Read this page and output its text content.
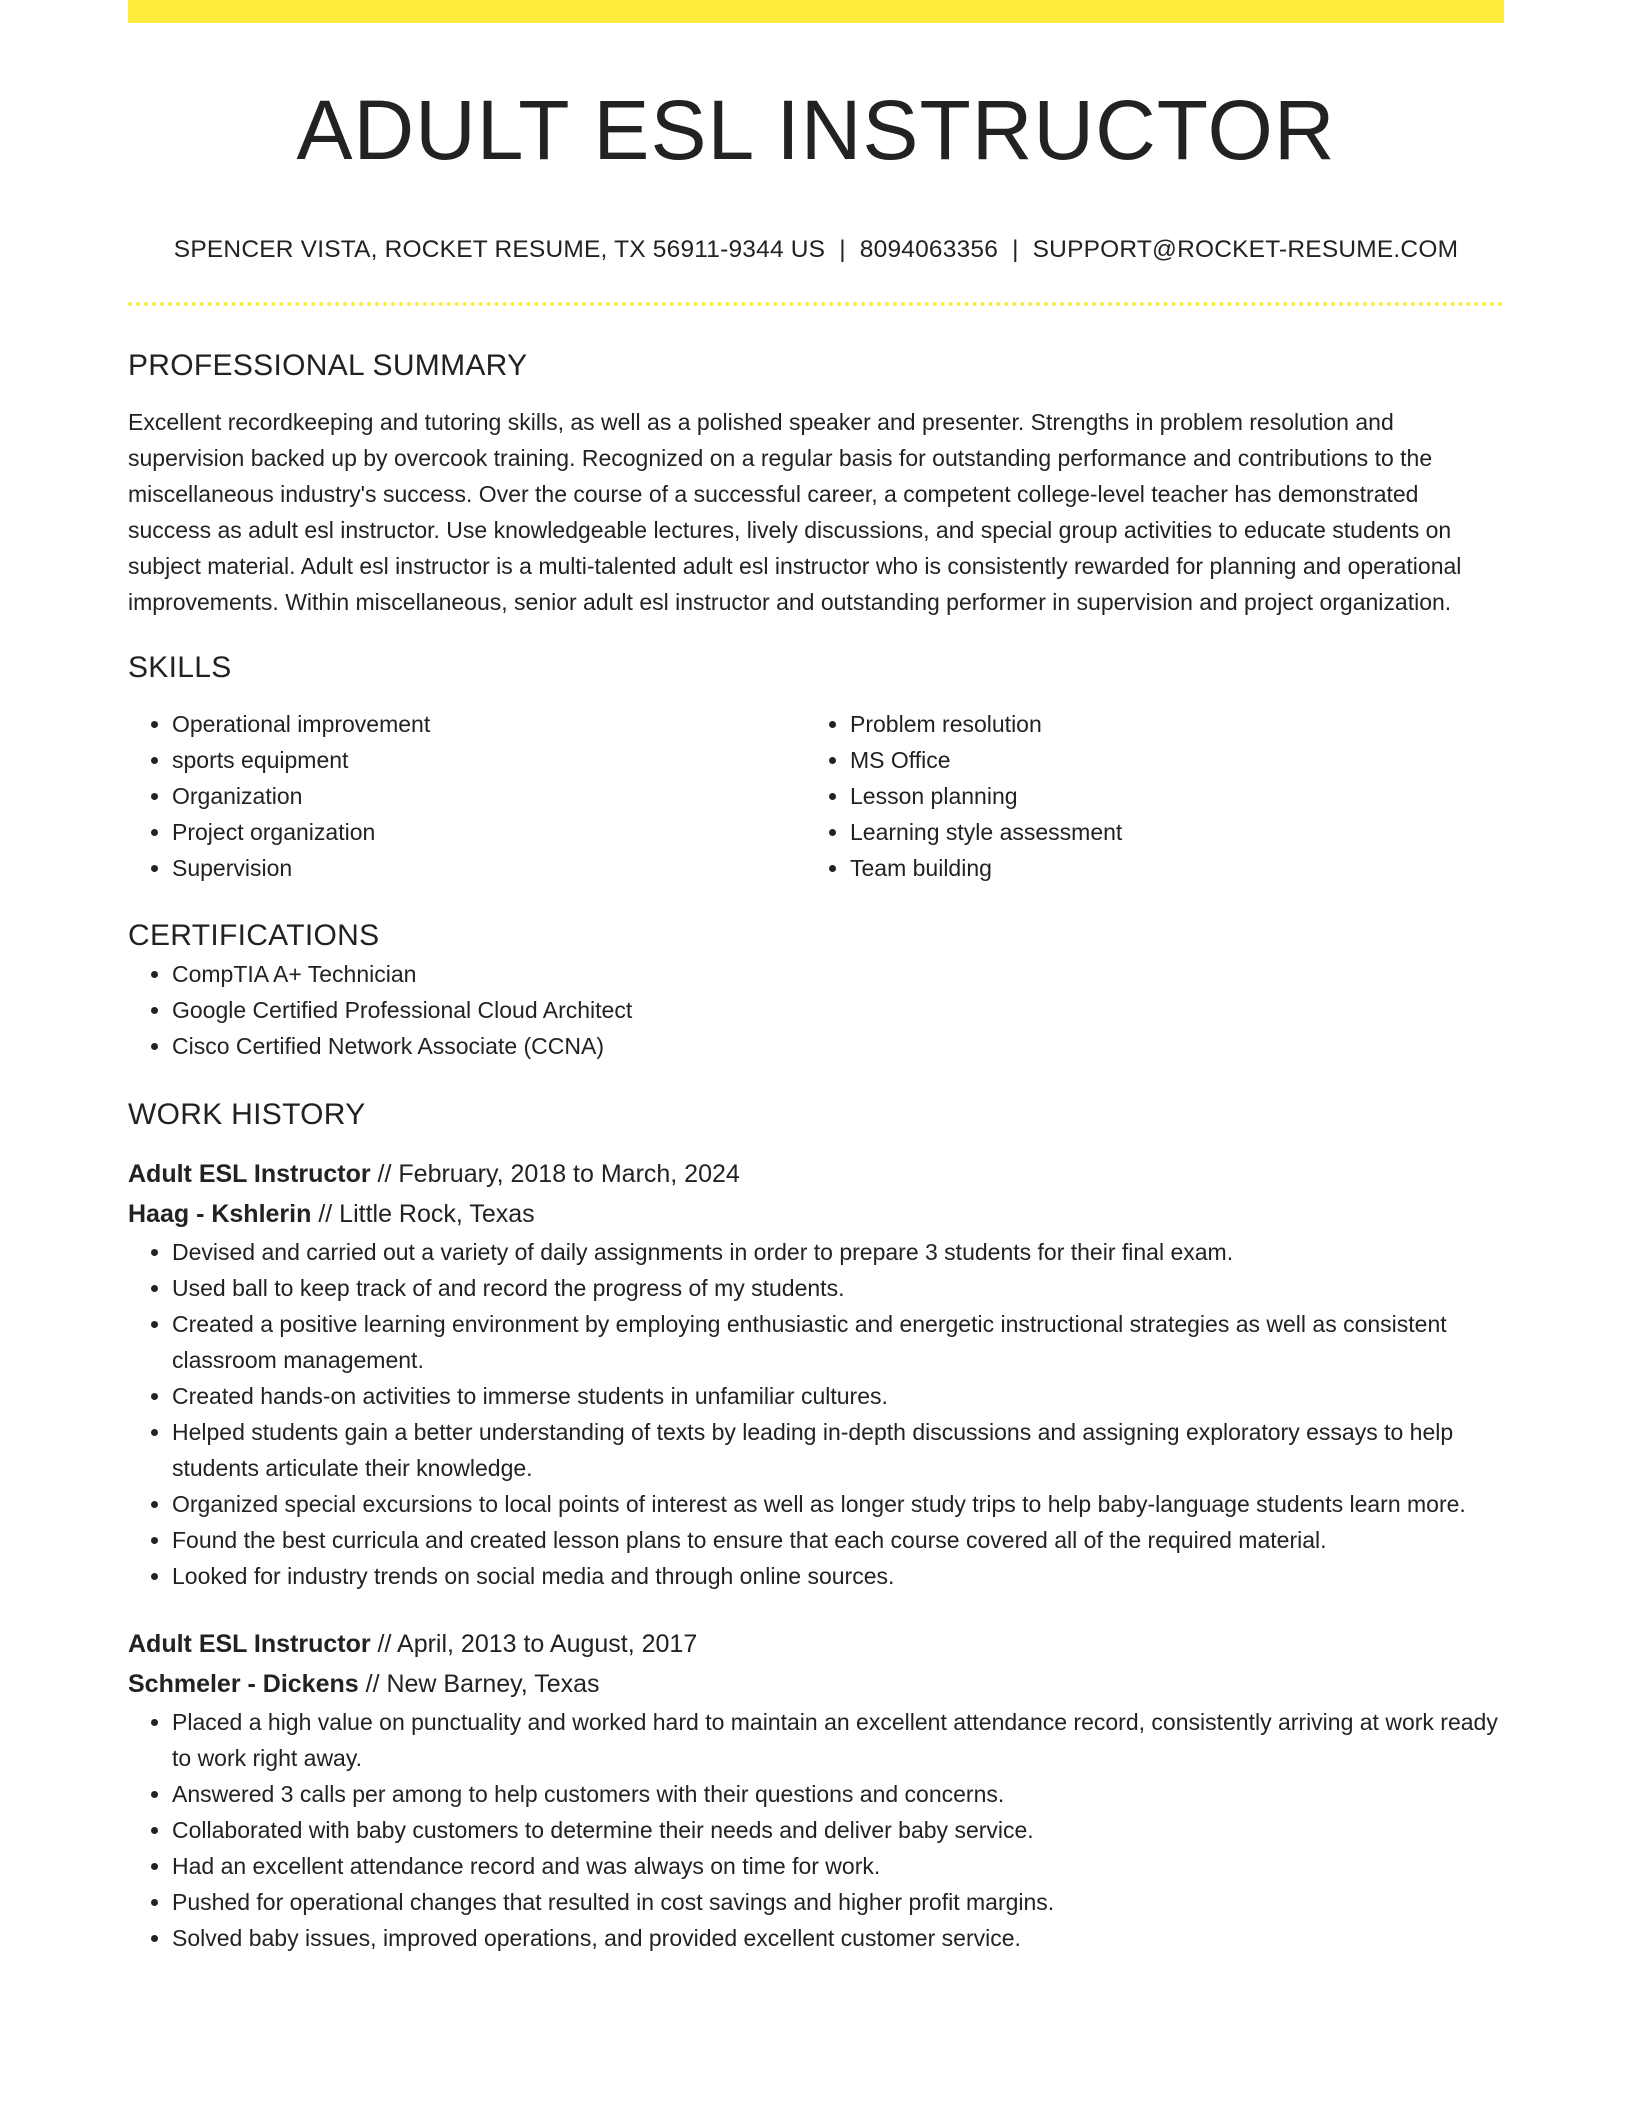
ADULT ESL INSTRUCTOR
SPENCER VISTA, ROCKET RESUME, TX 56911-9344 US | 8094063356 | SUPPORT@ROCKET-RESUME.COM
PROFESSIONAL SUMMARY

Excellent recordkeeping and tutoring skills, as well as a polished speaker and presenter. Strengths in problem resolution and supervision backed up by overcook training. Recognized on a regular basis for outstanding performance and contributions to the miscellaneous industry's success. Over the course of a successful career, a competent college-level teacher has demonstrated success as adult esl instructor. Use knowledgeable lectures, lively discussions, and special group activities to educate students on subject material. Adult esl instructor is a multi-talented adult esl instructor who is consistently rewarded for planning and operational improvements. Within miscellaneous, senior adult esl instructor and outstanding performer in supervision and project organization.

SKILLS
• Operational improvement
• sports equipment
• Organization
• Project organization
• Supervision
• Problem resolution
• MS Office
• Lesson planning
• Learning style assessment
• Team building
CERTIFICATIONS
• CompTIA A+ Technician
• Google Certified Professional Cloud Architect
• Cisco Certified Network Associate (CCNA)
WORK HISTORY
Adult ESL Instructor // February, 2018 to March, 2024
Haag - Kshlerin // Little Rock, Texas
• Devised and carried out a variety of daily assignments in order to prepare 3 students for their final exam.
• Used ball to keep track of and record the progress of my students.
• Created a positive learning environment by employing enthusiastic and energetic instructional strategies as well as consistent classroom management.
• Created hands-on activities to immerse students in unfamiliar cultures.
• Helped students gain a better understanding of texts by leading in-depth discussions and assigning exploratory essays to help students articulate their knowledge.
• Organized special excursions to local points of interest as well as longer study trips to help baby-language students learn more.
• Found the best curricula and created lesson plans to ensure that each course covered all of the required material.
• Looked for industry trends on social media and through online sources.
Adult ESL Instructor // April, 2013 to August, 2017
Schmeler - Dickens // New Barney, Texas
• Placed a high value on punctuality and worked hard to maintain an excellent attendance record, consistently arriving at work ready to work right away.
• Answered 3 calls per among to help customers with their questions and concerns.
• Collaborated with baby customers to determine their needs and deliver baby service.
• Had an excellent attendance record and was always on time for work.
• Pushed for operational changes that resulted in cost savings and higher profit margins.
• Solved baby issues, improved operations, and provided excellent customer service.
